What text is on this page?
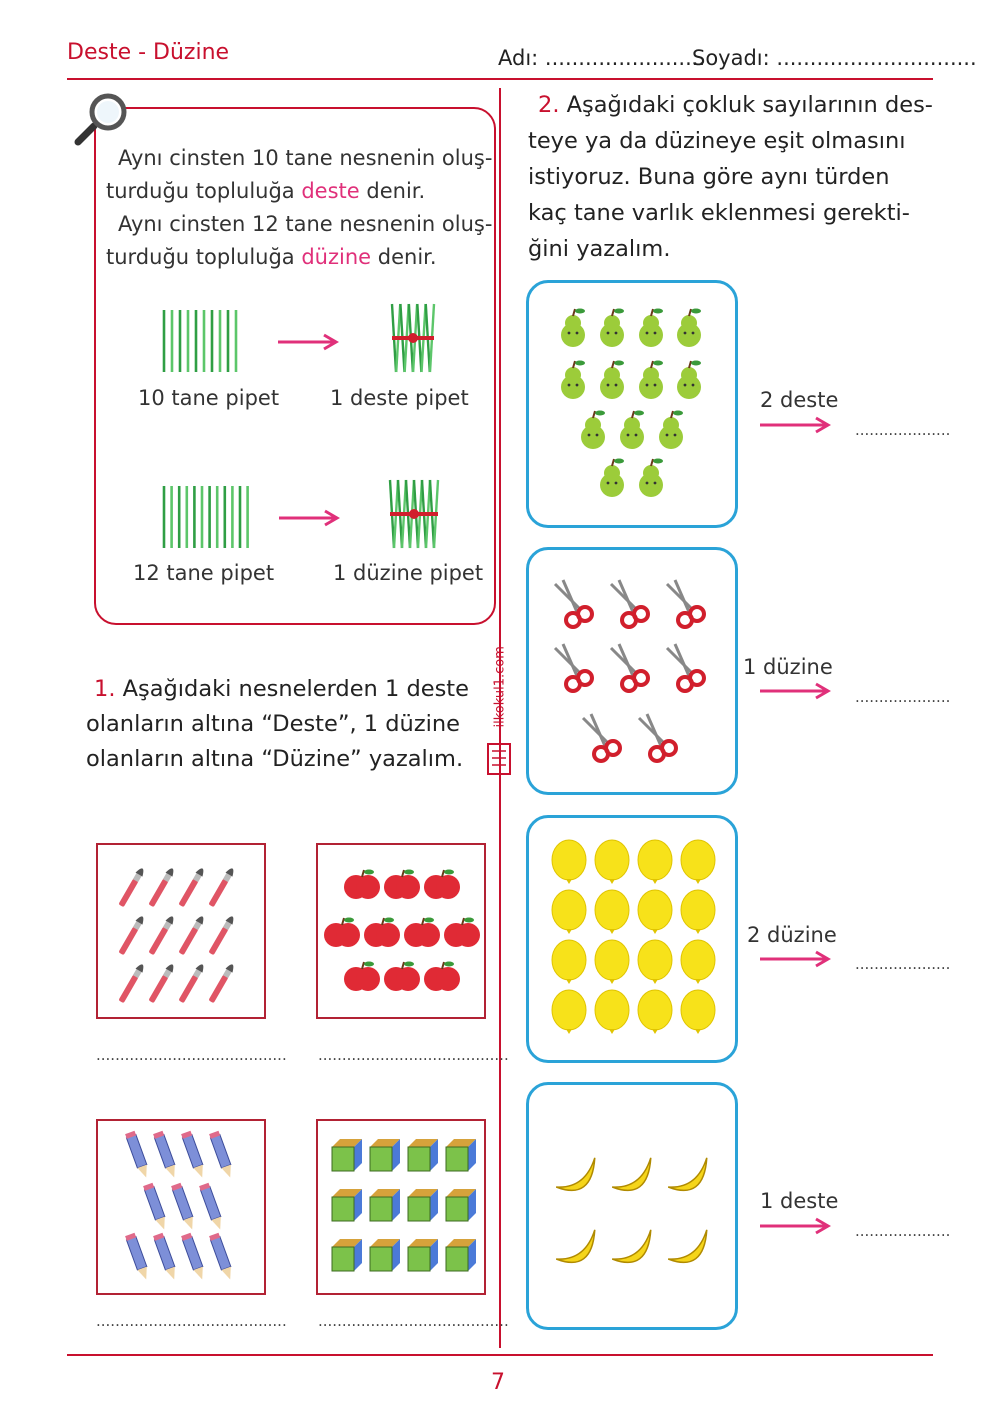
Deste - Düzine	Adı: ........................
Soyadı: ..............................
Aynı cinsten 10 tane nesnenin oluş-
turduğu topluluğa deste denir.
Aynı cinsten 12 tane nesnenin oluş-
turduğu topluluğa düzine denir.
10 tane pipet 1 deste pipet
12 tane pipet	1 düzine pipet
1. Aşağıdaki nesnelerden 1 deste
olanların altına “Deste”, 1 düzine
olanların altına “Düzine” yazalım.
ilkokul1.com
........................................ ........................................
........................................ ........................................
2. Aşağıdaki çokluk sayılarının des-
teye ya da düzineye eşit olmasını
istiyoruz. Buna göre aynı türden
kaç tane varlık eklenmesi gerekti-
ğini yazalım.
2 deste
....................
1 düzine
....................
2 düzine
....................
1 deste
....................
7
